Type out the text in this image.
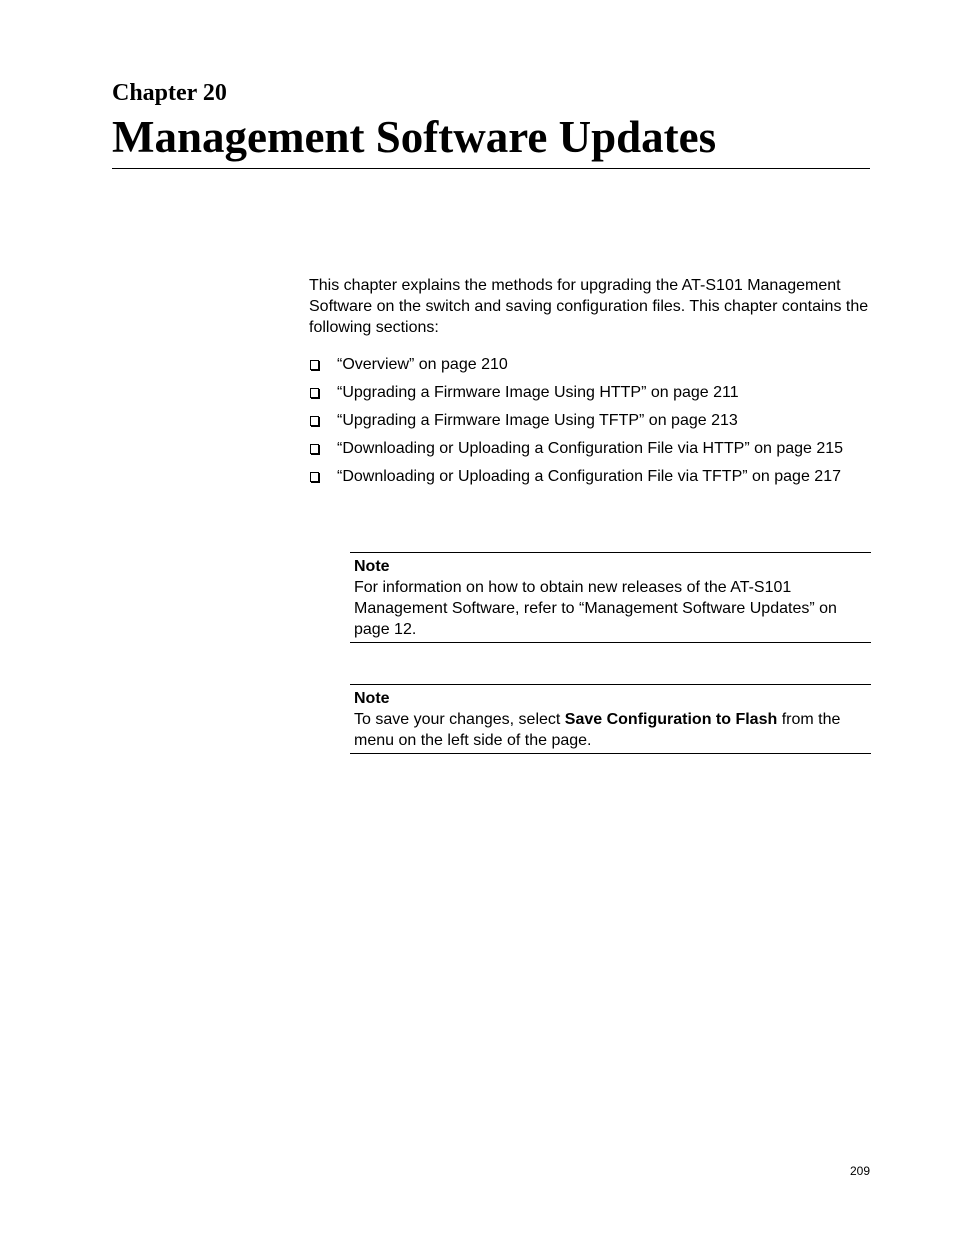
Chapter 20
Management Software Updates

This chapter explains the methods for upgrading the AT-S101 Management Software on the switch and saving configuration files. This chapter contains the following sections:

“Overview” on page 210
“Upgrading a Firmware Image Using HTTP” on page 211
“Upgrading a Firmware Image Using TFTP” on page 213
“Downloading or Uploading a Configuration File via HTTP” on page 215
“Downloading or Uploading a Configuration File via TFTP” on page 217
Note
For information on how to obtain new releases of the AT-S101 Management Software, refer to “Management Software Updates” on page 12.
Note
To save your changes, select Save Configuration to Flash from the menu on the left side of the page.
209
